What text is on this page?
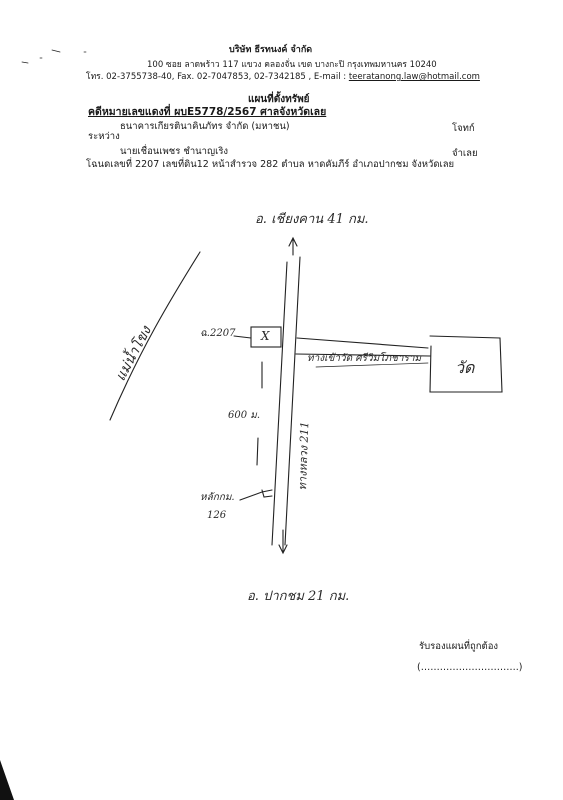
บริษัท ธีรทนงค์ จำกัด
100 ซอย ลาดพร้าว 117 แขวง คลองจั่น เขต บางกะปิ กรุงเทพมหานคร 10240
โทร. 02-3755738-40, Fax. 02-7047853, 02-7342185 , E-mail : teeratanong.law@hotmail.com
แผนที่ตั้งทรัพย์
คดีหมายเลขแดงที่ ผบE5778/2567 ศาลจังหวัดเลย
ธนาคารเกียรตินาคินภัทร จำกัด (มหาชน)	โจทก์
ระหว่าง
นายเชื่อนเพชร ชำนาญเริง	จำเลย
โฉนดเลขที่ 2207 เลขที่ดิน12 หน้าสำรวจ 282 ตำบล หาดคัมภีร์ อำเภอปากชม จังหวัดเลย
อ. เชียงคาน 41 กม.
แม่น้ำโขง	ฉ.2207 X
ทางเข้าวัด ศรีวิมโภชาราม วัด
600 ม.
ทางหลวง 211
หลักกม.
126
อ. ปากชม 21 กม.
รับรองแผนที่ถูกต้อง
(………………………….)
